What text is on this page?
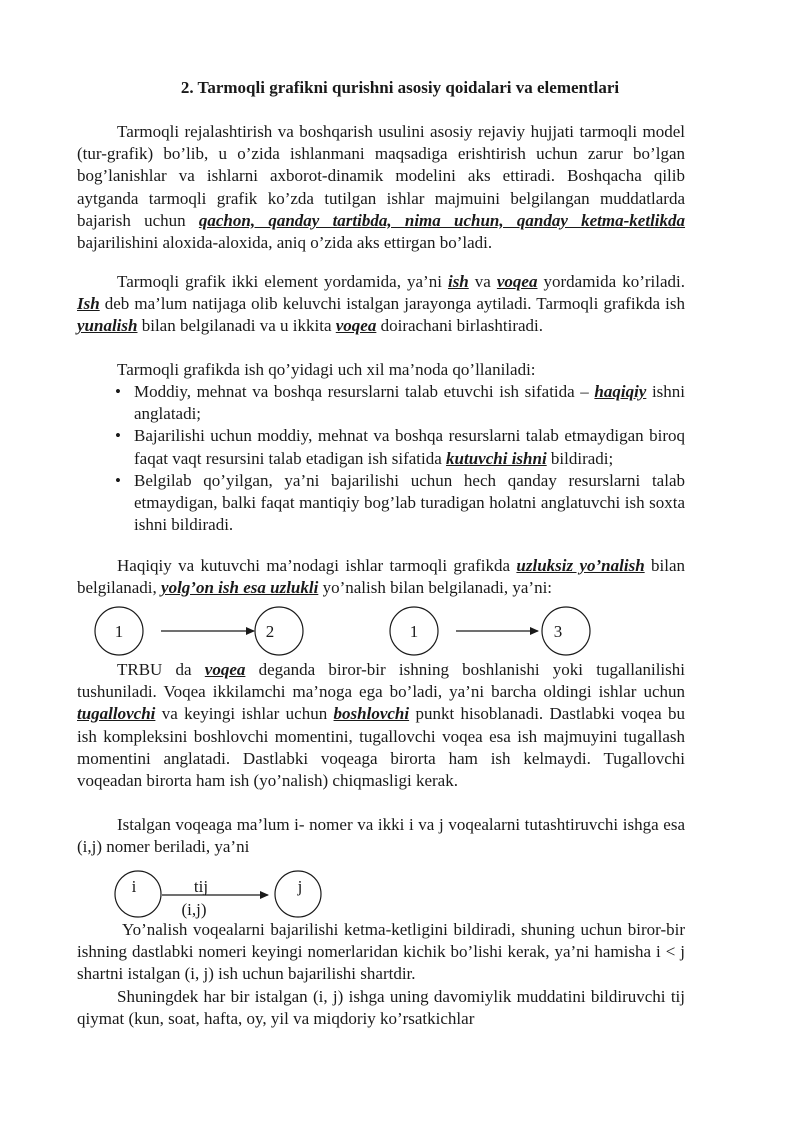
2. Tarmoqli grafikni qurishni asosiy qoidalari va elementlari

Tarmoqli rejalashtirish va boshqarish usulini asosiy rejaviy hujjati tarmoqli model (tur-grafik) bo’lib, u o’zida ishlanmani maqsadiga erishtirish uchun zarur bo’lgan bog’lanishlar va ishlarni axborot-dinamik modelini aks ettiradi. Boshqacha qilib aytganda tarmoqli grafik ko’zda tutilgan ishlar majmuini belgilangan muddatlarda bajarish uchun qachon, qanday tartibda, nima uchun, qanday ketma-ketlikda bajarilishini aloxida-aloxida, aniq o’zida aks ettirgan bo’ladi.

Tarmoqli grafik ikki element yordamida, ya’ni ish va voqea yordamida ko’riladi. Ish deb ma’lum natijaga olib keluvchi istalgan jarayonga aytiladi. Tarmoqli grafikda ish yunalish bilan belgilanadi va u ikkita voqea doirachani birlashtiradi.

Tarmoqli grafikda ish qo’yidagi uch xil ma’noda qo’llaniladi:

• Moddiy, mehnat va boshqa resurslarni talab etuvchi ish sifatida – haqiqiy ishni anglatadi;
• Bajarilishi uchun moddiy, mehnat va boshqa resurslarni talab etmaydigan biroq faqat vaqt resursini talab etadigan ish sifatida kutuvchi ishni bildiradi;
• Belgilab qo’yilgan, ya’ni bajarilishi uchun hech qanday resurslarni talab etmaydigan, balki faqat mantiqiy bog’lab turadigan holatni anglatuvchi ish soxta ishni bildiradi.

Haqiqiy va kutuvchi ma’nodagi ishlar tarmoqli grafikda uzluksiz yo’nalish bilan belgilanadi, yolg’on ish esa uzlukli yo’nalish bilan belgilanadi, ya’ni:

1	2	1	3

TRBU da voqea deganda biror-bir ishning boshlanishi yoki tugallanilishi tushuniladi. Voqea ikkilamchi ma’noga ega bo’ladi, ya’ni barcha oldingi ishlar uchun tugallovchi va keyingi ishlar uchun boshlovchi punkt hisoblanadi. Dastlabki voqea bu ish kompleksini boshlovchi momentini, tugallovchi voqea esa ish majmuyini tugallash momentini anglatadi. Dastlabki voqeaga birorta ham ish kelmaydi. Tugallovchi voqeadan birorta ham ish (yo’nalish) chiqmasligi kerak.

Istalgan voqeaga ma’lum i- nomer va ikki i va j voqealarni tutashtiruvchi ishga esa (i,j) nomer beriladi, ya’ni

i	tij
(i,j)
j

Yo’nalish voqealarni bajarilishi ketma-ketligini bildiradi, shuning uchun biror-bir ishning dastlabki nomeri keyingi nomerlaridan kichik bo’lishi kerak, ya’ni hamisha i < j shartni istalgan (i, j) ish uchun bajarilishi shartdir.

Shuningdek har bir istalgan (i, j) ishga uning davomiylik muddatini bildiruvchi tij qiymat (kun, soat, hafta, oy, yil va miqdoriy ko’rsatkichlar
